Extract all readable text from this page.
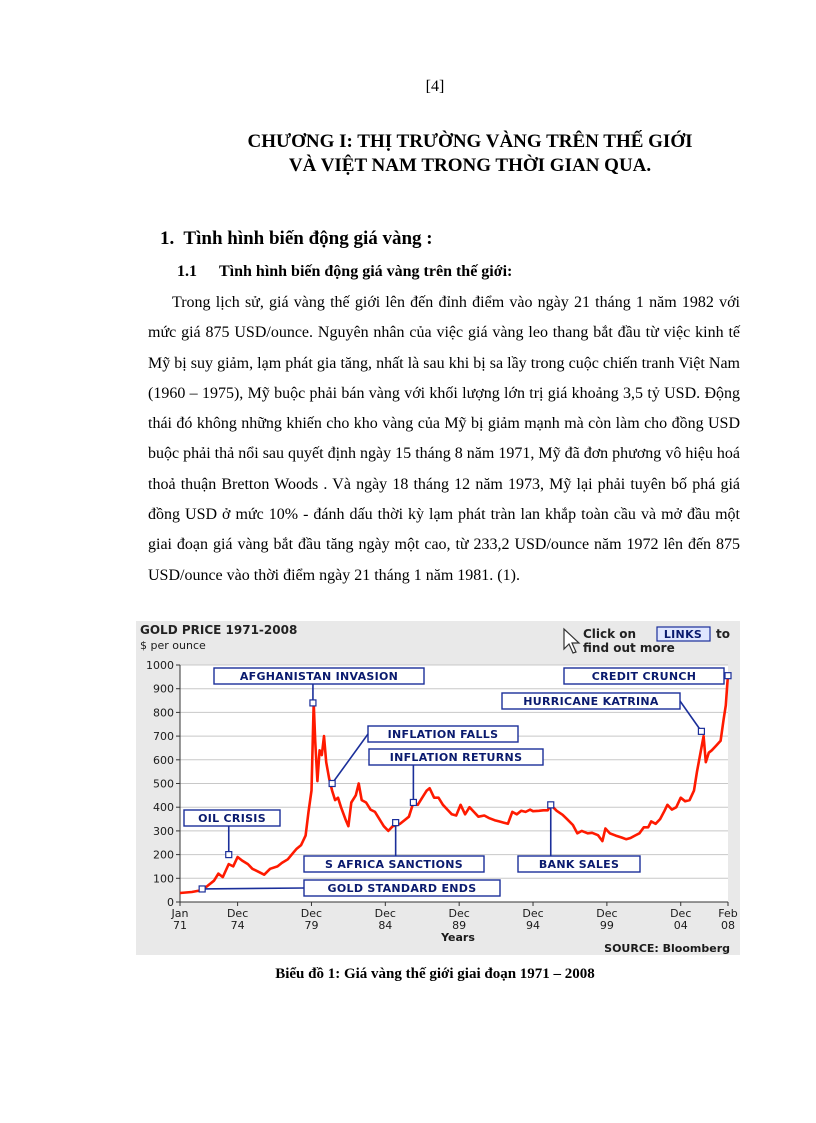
[4]
CHƯƠNG I: THỊ TRƯỜNG VÀNG TRÊN THẾ GIỚI
VÀ VIỆT NAM TRONG THỜI GIAN QUA.
1. Tình hình biến động giá vàng :
1.1 Tình hình biến động giá vàng trên thế giới:

Trong lịch sử, giá vàng thế giới lên đến đỉnh điểm vào ngày 21 tháng 1 năm 1982 với mức giá 875 USD/ounce. Nguyên nhân của việc giá vàng leo thang bắt đầu từ việc kinh tế Mỹ bị suy giảm, lạm phát gia tăng, nhất là sau khi bị sa lầy trong cuộc chiến tranh Việt Nam (1960 – 1975), Mỹ buộc phải bán vàng với khối lượng lớn trị giá khoảng 3,5 tỷ USD. Động thái đó không những khiến cho kho vàng của Mỹ bị giảm mạnh mà còn làm cho đồng USD buộc phải thả nổi sau quyết định ngày 15 tháng 8 năm 1971, Mỹ đã đơn phương vô hiệu hoá thoả thuận Bretton Woods . Và ngày 18 tháng 12 năm 1973, Mỹ lại phải tuyên bố phá giá đồng USD ở mức 10% - đánh dấu thời kỳ lạm phát tràn lan khắp toàn cầu và mở đầu một giai đoạn giá vàng bắt đầu tăng ngày một cao, từ 233,2 USD/ounce năm 1972 lên đến 875 USD/ounce vào thời điểm ngày 21 tháng 1 năm 1981. (1).

GOLD PRICE 1971-2008
$ per ounce
Click on	LINKS to
find out more
0
100
200
300
400
500
600
700
800
900
1000
Jan
71
Dec
74
Dec
79
Dec
84
Dec
89
Dec
94
Dec
99
Dec
04
Feb
08
AFGHANISTAN INVASION
INFLATION FALLS
INFLATION RETURNS
OIL CRISIS
S AFRICA SANCTIONS
GOLD STANDARD ENDS
BANK SALES
HURRICANE KATRINA
CREDIT CRUNCH
Years
SOURCE: Bloomberg
Biểu đồ 1: Giá vàng thế giới giai đoạn 1971 – 2008
